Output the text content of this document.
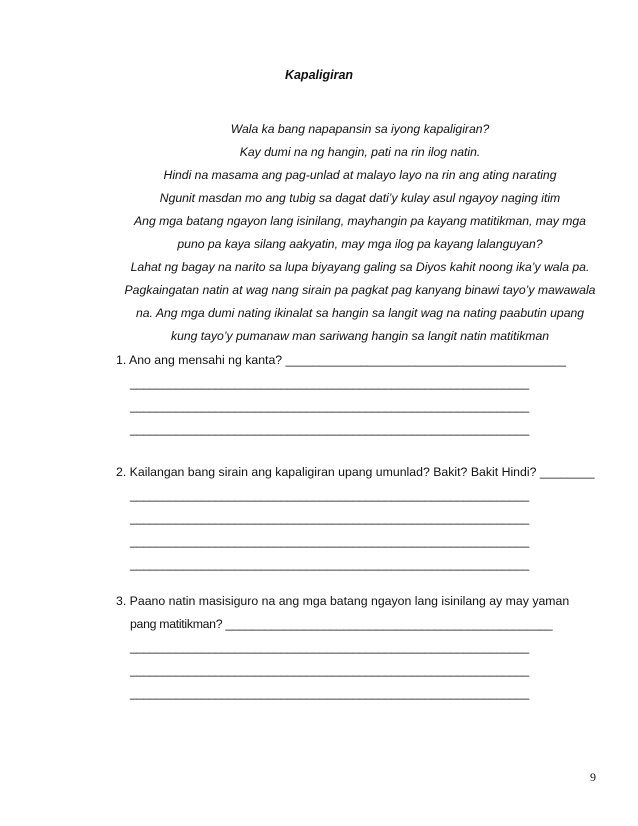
Kapaligiran
Wala ka bang napapansin sa iyong kapaligiran?
Kay dumi na ng hangin, pati na rin ilog natin.
Hindi na masama ang pag-unlad at malayo layo na rin ang ating narating
Ngunit masdan mo ang tubig sa dagat dati’y kulay asul ngayoy naging itim
Ang mga batang ngayon lang isinilang, mayhangin pa kayang matitikman, may mga
puno pa kaya silang aakyatin, may mga ilog pa kayang lalanguyan?
Lahat ng bagay na narito sa lupa biyayang galing sa Diyos kahit noong ika’y wala pa.
Pagkaingatan natin at wag nang sirain pa pagkat pag kanyang binawi tayo’y mawawala
na. Ang mga dumi nating ikinalat sa hangin sa langit wag na nating paabutin upang
kung tayo’y pumanaw man sariwang hangin sa langit natin matitikman
1. Ano ang mensahi ng kanta? _________________________________________
_____________________________________________________________
_____________________________________________________________
_____________________________________________________________
2. Kailangan bang sirain ang kapaligiran upang umunlad? Bakit? Bakit Hindi? ________
_____________________________________________________________
_____________________________________________________________
_____________________________________________________________
_____________________________________________________________
3. Paano natin masisiguro na ang mga batang ngayon lang isinilang ay may yaman
pang matitikman? __________________________________________________
_____________________________________________________________
_____________________________________________________________
_____________________________________________________________
9
